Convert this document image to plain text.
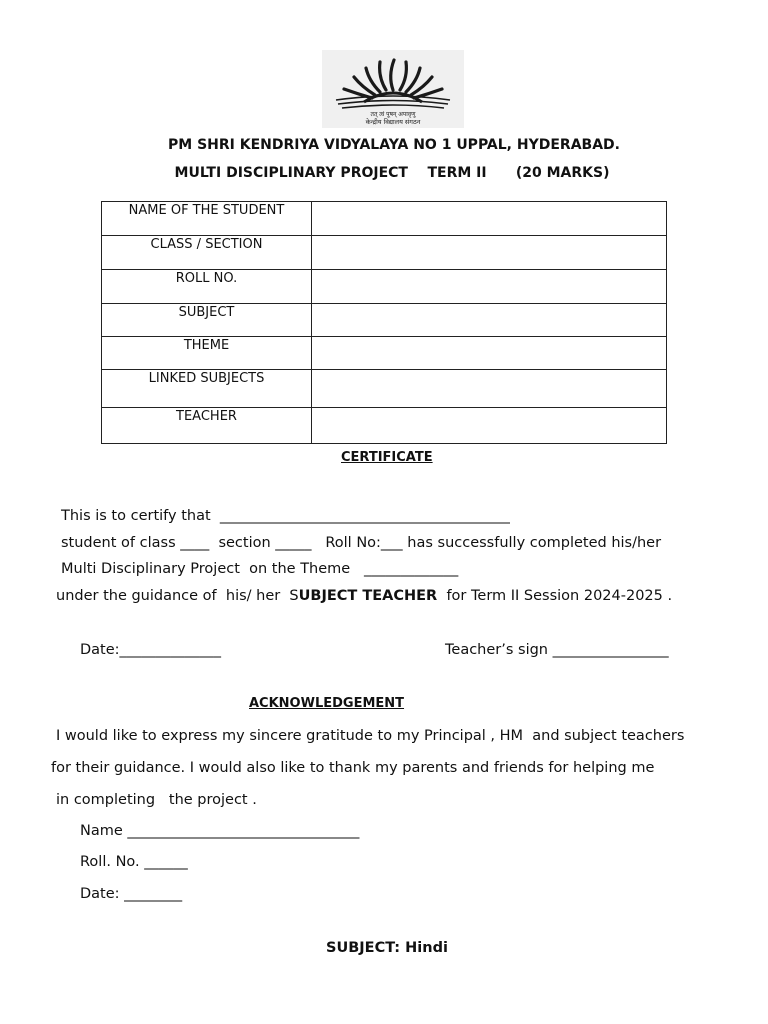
तत् त्वं पूषन् अपावृणु
केन्द्रीय विद्यालय संगठन
PM SHRI KENDRIYA VIDYALAYA NO 1 UPPAL, HYDERABAD.
MULTI DISCIPLINARY PROJECT    TERM II      (20 MARKS)
NAME OF THE STUDENT	
CLASS / SECTION	
ROLL NO.	
SUBJECT	
THEME	
LINKED SUBJECTS	
TEACHER	
CERTIFICATE
This is to certify that  ________________________________________
student of class ____  section _____   Roll No:___ has successfully completed his/her
Multi Disciplinary Project  on the Theme   _____________
under the guidance of  his/ her  SUBJECT TEACHER  for Term II Session 2024-2025 .
Date:______________	Teacher’s sign ________________
ACKNOWLEDGEMENT
I would like to express my sincere gratitude to my Principal , HM  and subject teachers
for their guidance. I would also like to thank my parents and friends for helping me
in completing   the project .
Name ________________________________
Roll. No. ______
Date: ________
SUBJECT: Hindi
